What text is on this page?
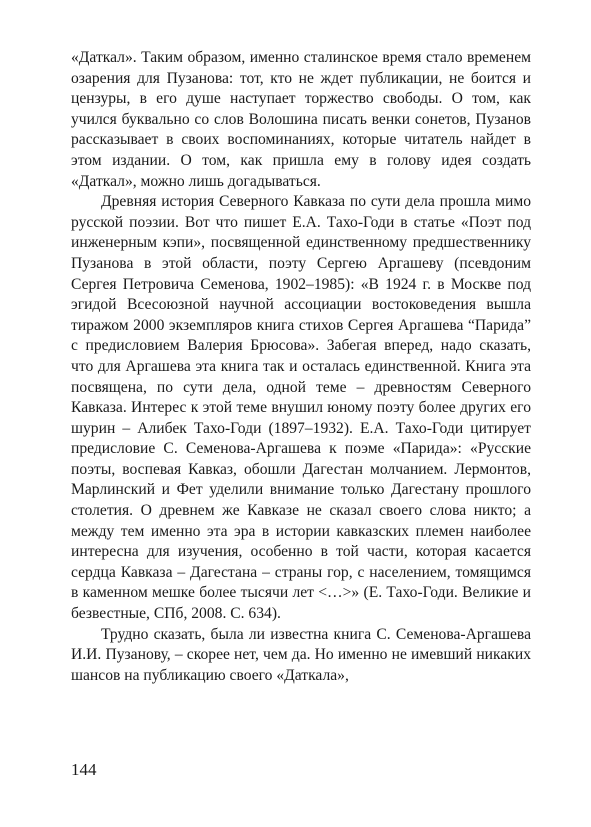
«Даткал». Таким образом, именно сталинское время стало временем озарения для Пузанова: тот, кто не ждет публикации, не боится и цензуры, в его душе наступает торжество свободы. О том, как учился буквально со слов Волошина писать венки сонетов, Пузанов рассказывает в своих воспоминаниях, которые читатель найдет в этом издании. О том, как пришла ему в голову идея создать «Даткал», можно лишь догадываться.

Древняя история Северного Кавказа по сути дела прошла мимо русской поэзии. Вот что пишет Е.А. Тахо-Годи в статье «Поэт под инженерным кэпи», посвященной единственному предшественнику Пузанова в этой области, поэту Сергею Аргашеву (псевдоним Сергея Петровича Семенова, 1902–1985): «В 1924 г. в Москве под эгидой Всесоюзной научной ассоциации востоковедения вышла тиражом 2000 экземпляров книга стихов Сергея Аргашева “Парида” с предисловием Валерия Брюсова». Забегая вперед, надо сказать, что для Аргашева эта книга так и осталась единственной. Книга эта посвящена, по сути дела, одной теме – древностям Северного Кавказа. Интерес к этой теме внушил юному поэту более других его шурин – Алибек Тахо-Годи (1897–1932). Е.А. Тахо-Годи цитирует предисловие С. Семенова-Аргашева к поэме «Парида»: «Русские поэты, воспевая Кавказ, обошли Дагестан молчанием. Лермонтов, Марлинский и Фет уделили внимание только Дагестану прошлого столетия. О древнем же Кавказе не сказал своего слова никто; а между тем именно эта эра в истории кавказских племен наиболее интересна для изучения, особенно в той части, которая касается сердца Кавказа – Дагестана – страны гор, с населением, томящимся в каменном мешке более тысячи лет <…>» (Е. Тахо-Годи. Великие и безвестные, СПб, 2008. С. 634).

Трудно сказать, была ли известна книга С. Семенова-Аргашева И.И. Пузанову, – скорее нет, чем да. Но именно не имевший никаких шансов на публикацию своего «Даткала»,

144
